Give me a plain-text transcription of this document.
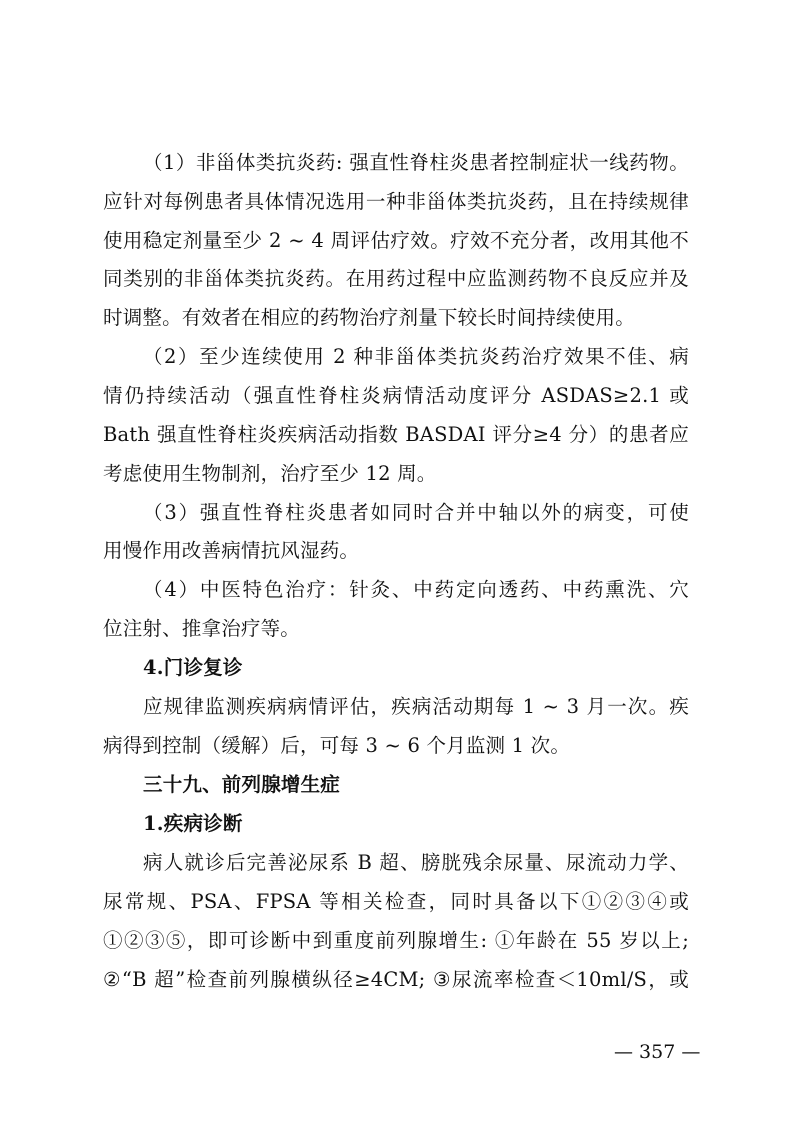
（1）非甾体类抗炎药: 强直性脊柱炎患者控制症状一线药物。
应针对每例患者具体情况选用一种非甾体类抗炎药，且在持续规律
使用稳定剂量至少 2 ~ 4 周评估疗效。疗效不充分者，改用其他不
同类别的非甾体类抗炎药。在用药过程中应监测药物不良反应并及
时调整。有效者在相应的药物治疗剂量下较长时间持续使用。
（2）至少连续使用 2 种非甾体类抗炎药治疗效果不佳、病
情仍持续活动（强直性脊柱炎病情活动度评分 ASDAS≥2.1 或
Bath 强直性脊柱炎疾病活动指数 BASDAI 评分≥4 分）的患者应
考虑使用生物制剂，治疗至少 12 周。
（3）强直性脊柱炎患者如同时合并中轴以外的病变，可使
用慢作用改善病情抗风湿药。
（4）中医特色治疗：针灸、中药定向透药、中药熏洗、穴
位注射、推拿治疗等。
4.门诊复诊
应规律监测疾病病情评估，疾病活动期每 1 ~ 3 月一次。疾
病得到控制（缓解）后，可每 3 ~ 6 个月监测 1 次。
三十九、前列腺增生症
1.疾病诊断
病人就诊后完善泌尿系 B 超、膀胱残余尿量、尿流动力学、
尿常规、PSA、FPSA 等相关检查，同时具备以下①②③④或
①②③⑤，即可诊断中到重度前列腺增生: ①年龄在 55 岁以上;
②“B 超”检查前列腺横纵径≥4CM; ③尿流率检查＜10ml/S，或
— 357 —
